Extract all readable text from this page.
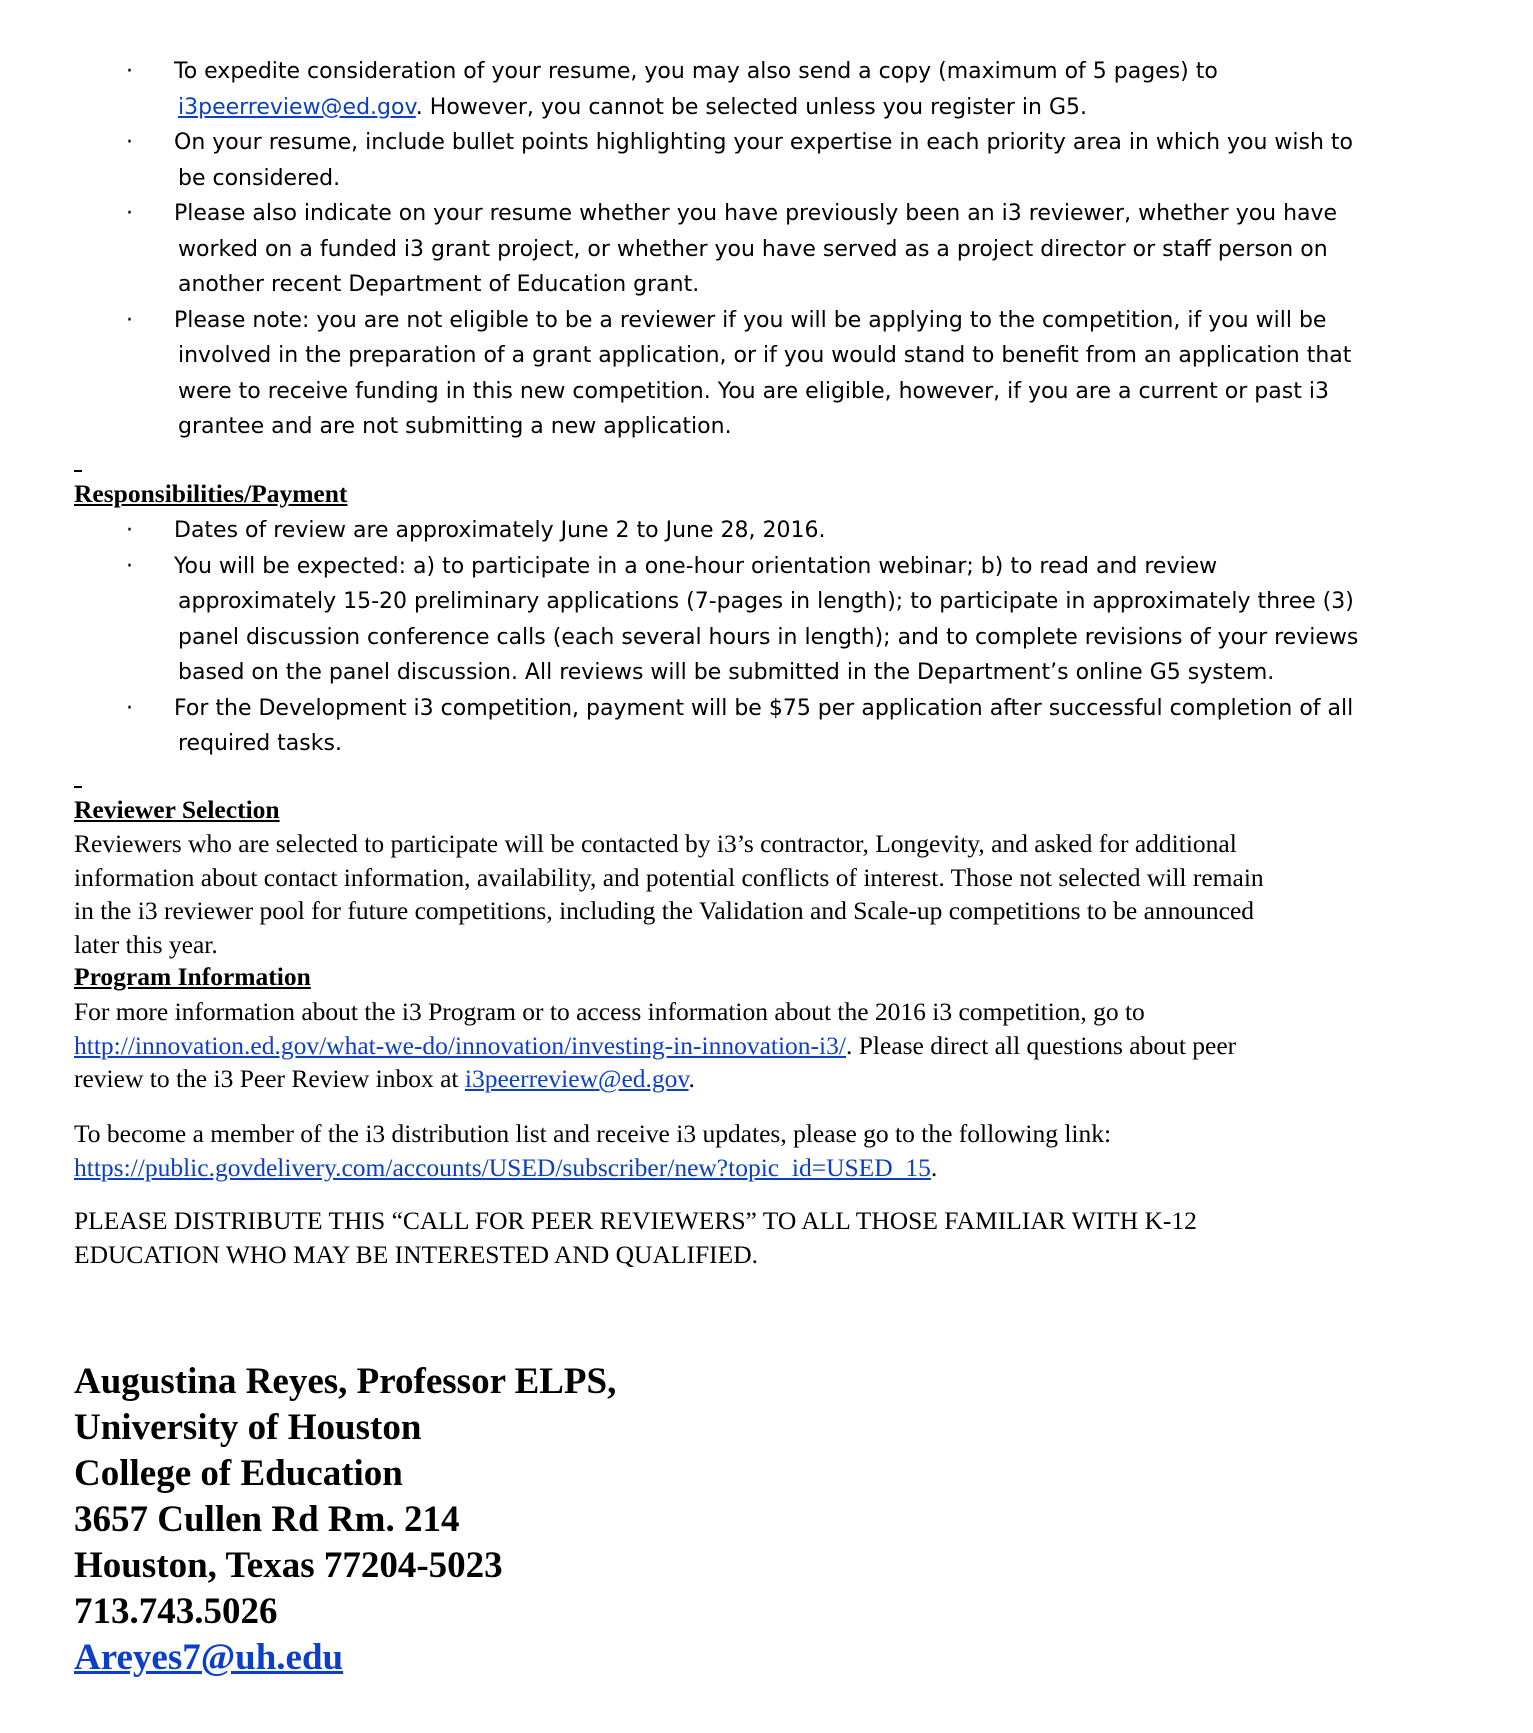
· To expedite consideration of your resume, you may also send a copy (maximum of 5 pages) to
i3peerreview@ed.gov. However, you cannot be selected unless you register in G5.
· On your resume, include bullet points highlighting your expertise in each priority area in which you wish to
be considered.
· Please also indicate on your resume whether you have previously been an i3 reviewer, whether you have
worked on a funded i3 grant project, or whether you have served as a project director or staff person on
another recent Department of Education grant.
· Please note: you are not eligible to be a reviewer if you will be applying to the competition, if you will be
involved in the preparation of a grant application, or if you would stand to benefit from an application that
were to receive funding in this new competition. You are eligible, however, if you are a current or past i3
grantee and are not submitting a new application.
Responsibilities/Payment
· Dates of review are approximately June 2 to June 28, 2016.
· You will be expected: a) to participate in a one-hour orientation webinar; b) to read and review
approximately 15-20 preliminary applications (7-pages in length); to participate in approximately three (3)
panel discussion conference calls (each several hours in length); and to complete revisions of your reviews
based on the panel discussion. All reviews will be submitted in the Department’s online G5 system.
· For the Development i3 competition, payment will be $75 per application after successful completion of all
required tasks.
Reviewer Selection
Reviewers who are selected to participate will be contacted by i3’s contractor, Longevity, and asked for additional
information about contact information, availability, and potential conflicts of interest. Those not selected will remain
in the i3 reviewer pool for future competitions, including the Validation and Scale-up competitions to be announced
later this year.
Program Information
For more information about the i3 Program or to access information about the 2016 i3 competition, go to
http://innovation.ed.gov/what-we-do/innovation/investing-in-innovation-i3/. Please direct all questions about peer
review to the i3 Peer Review inbox at i3peerreview@ed.gov.
To become a member of the i3 distribution list and receive i3 updates, please go to the following link:
https://public.govdelivery.com/accounts/USED/subscriber/new?topic_id=USED_15.
PLEASE DISTRIBUTE THIS “CALL FOR PEER REVIEWERS” TO ALL THOSE FAMILIAR WITH K-12
EDUCATION WHO MAY BE INTERESTED AND QUALIFIED.
Augustina Reyes, Professor ELPS,
University of Houston
College of Education
3657 Cullen Rd Rm. 214
Houston, Texas 77204-5023
713.743.5026
Areyes7@uh.edu
